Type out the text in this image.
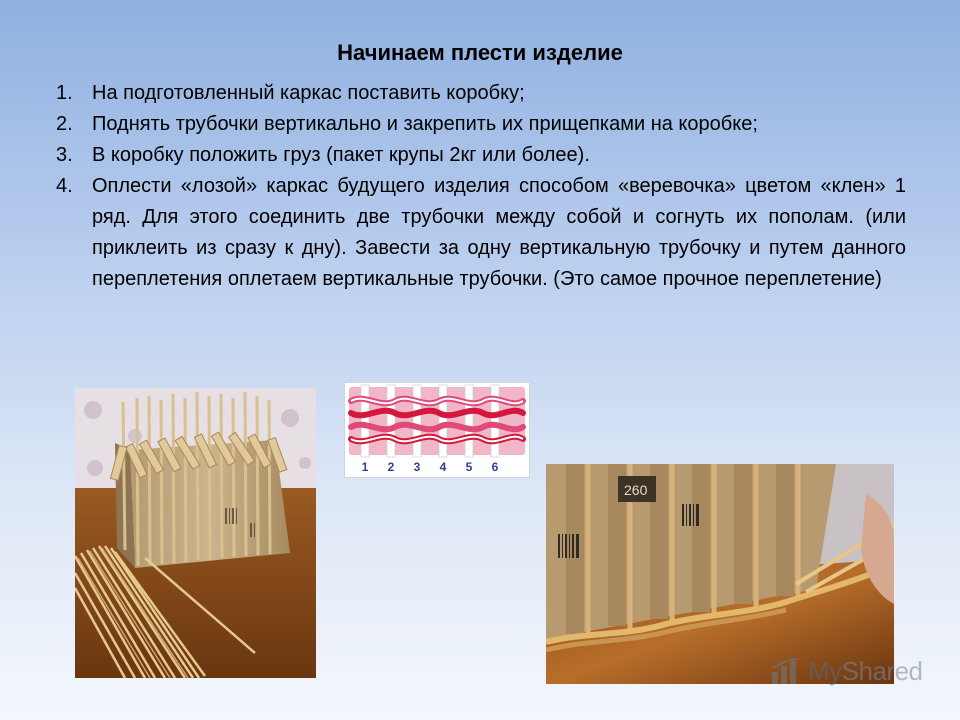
Начинаем плести изделие
1. На подготовленный каркас поставить коробку;
2. Поднять трубочки вертикально и закрепить их прищепками на коробке;
3. В коробку положить груз (пакет крупы 2кг или более).
4. Оплести «лозой» каркас будущего изделия способом «веревочка» цветом «клен» 1 ряд. Для этого соединить две трубочки между собой и согнуть их пополам. (или приклеить из сразу к дну). Завести за одну вертикальную трубочку и путем данного переплетения оплетаем вертикальные трубочки. (Это самое прочное переплетение)
1 2 3 4 5 6
260
MyShared
